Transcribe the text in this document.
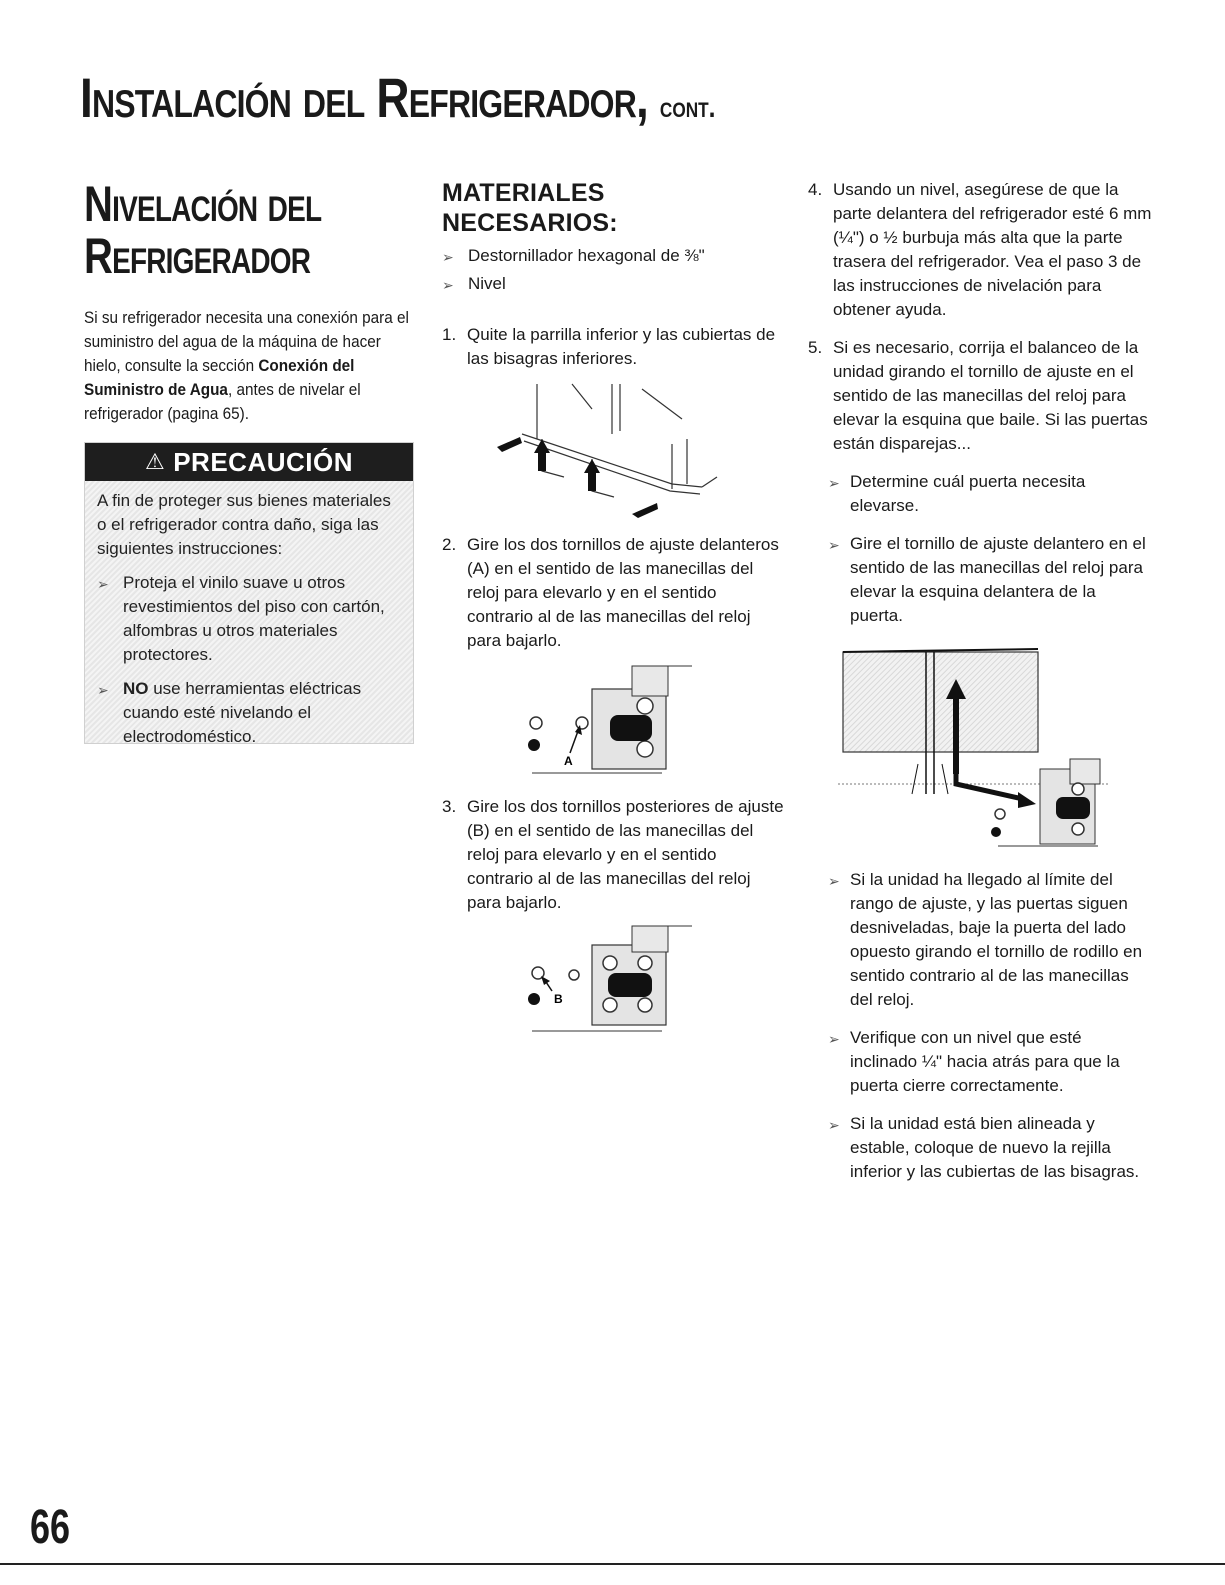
Instalación del Refrigerador, cont.
Nivelación del
Refrigerador

Si su refrigerador necesita una conexión para el suministro del agua de la máquina de hacer hielo, consulte la sección Conexión del Suministro de Agua, antes de nivelar el refrigerador (pagina 65).

⚠ PRECAUCIÓN

A fin de proteger sus bienes materiales o el refrigerador contra daño, siga las siguientes instrucciones:

➢ Proteja el vinilo suave u otros revestimientos del piso con cartón, alfombras u otros materiales protectores.
➢ NO use herramientas eléctricas cuando esté nivelando el electrodoméstico.
MATERIALES NECESARIOS:
➢ Destornillador hexagonal de ⅜"
➢ Nivel
1. Quite la parrilla inferior y las cubiertas de las bisagras inferiores.
2. Gire los dos tornillos de ajuste delanteros (A) en el sentido de las manecillas del reloj para elevarlo y en el sentido contrario al de las manecillas del reloj para bajarlo.
A
3. Gire los dos tornillos posteriores de ajuste (B) en el sentido de las manecillas del reloj para elevarlo y en el sentido contrario al de las manecillas del reloj para bajarlo.
B
4. Usando un nivel, asegúrese de que la parte delantera del refrigerador esté 6 mm (¼") o ½ burbuja más alta que la parte trasera del refrigerador. Vea el paso 3 de las instrucciones de nivelación para obtener ayuda.
5. Si es necesario, corrija el balanceo de la unidad girando el tornillo de ajuste en el sentido de las manecillas del reloj para elevar la esquina que baile. Si las puertas están disparejas...
➢ Determine cuál puerta necesita elevarse.
➢ Gire el tornillo de ajuste delantero en el sentido de las manecillas del reloj para elevar la esquina delantera de la puerta.
➢ Si la unidad ha llegado al límite del rango de ajuste, y las puertas siguen desniveladas, baje la puerta del lado opuesto girando el tornillo de rodillo en sentido contrario al de las manecillas del reloj.
➢ Verifique con un nivel que esté inclinado ¼" hacia atrás para que la puerta cierre correctamente.
➢ Si la unidad está bien alineada y estable, coloque de nuevo la rejilla inferior y las cubiertas de las bisagras.
66
